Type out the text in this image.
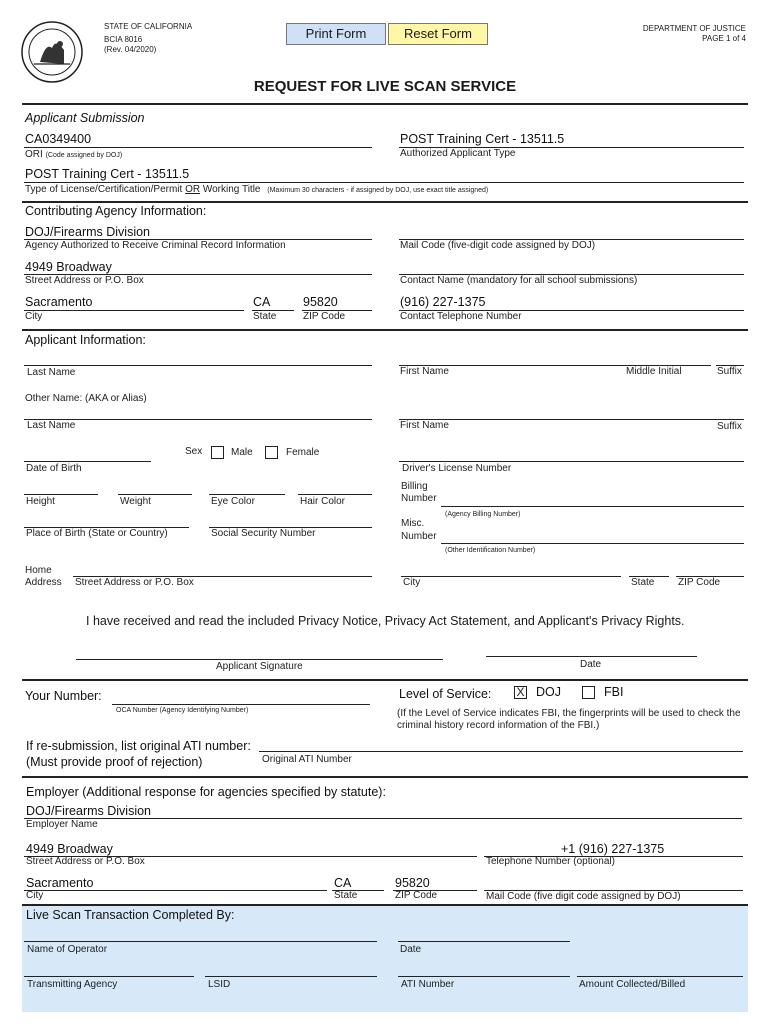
STATE OF CALIFORNIA
BCIA 8016
(Rev. 04/2020)
Print Form	Reset Form	DEPARTMENT OF JUSTICE
PAGE 1 of 4
REQUEST FOR LIVE SCAN SERVICE
Applicant Submission
CA0349400
ORI (Code assigned by DOJ)
POST Training Cert - 13511.5
Authorized Applicant Type
POST Training Cert - 13511.5
Type of License/Certification/Permit OR Working Title (Maximum 30 characters - if assigned by DOJ, use exact title assigned)
Contributing Agency Information:
DOJ/Firearms Division
Agency Authorized to Receive Criminal Record Information	Mail Code (five-digit code assigned by DOJ)
4949 Broadway
Street Address or P.O. Box	Contact Name (mandatory for all school submissions)
Sacramento
City
CA
State
95820
ZIP Code
(916) 227-1375
Contact Telephone Number
Applicant Information:
Last Name	First Name	Middle Initial	Suffix
Other Name: (AKA or Alias)
Last Name	First Name	Suffix
Sex	Male	Female
Date of Birth	Driver's License Number
Billing
Number
(Agency Billing Number)
Height	Weight	Eye Color	Hair Color
Misc.
Number
(Other Identification Number)
Place of Birth (State or Country)	Social Security Number
Home
Address Street Address or P.O. Box	City	State ZIP Code
I have received and read the included Privacy Notice, Privacy Act Statement, and Applicant's Privacy Rights.
Applicant Signature	Date
Your Number:
OCA Number (Agency Identifying Number)
Level of Service: X DOJ	FBI
(If the Level of Service indicates FBI, the fingerprints will be used to check the
criminal history record information of the FBI.)
If re-submission, list original ATI number:
(Must provide proof of rejection)	Original ATI Number
Employer (Additional response for agencies specified by statute):
DOJ/Firearms Division
Employer Name
4949 Broadway
Street Address or P.O. Box
+1 (916) 227-1375
Telephone Number (optional)
Sacramento
City
CA
State
95820
ZIP Code	Mail Code (five digit code assigned by DOJ)
Live Scan Transaction Completed By:
Name of Operator	Date
Transmitting Agency	LSID	ATI Number	Amount Collected/Billed
